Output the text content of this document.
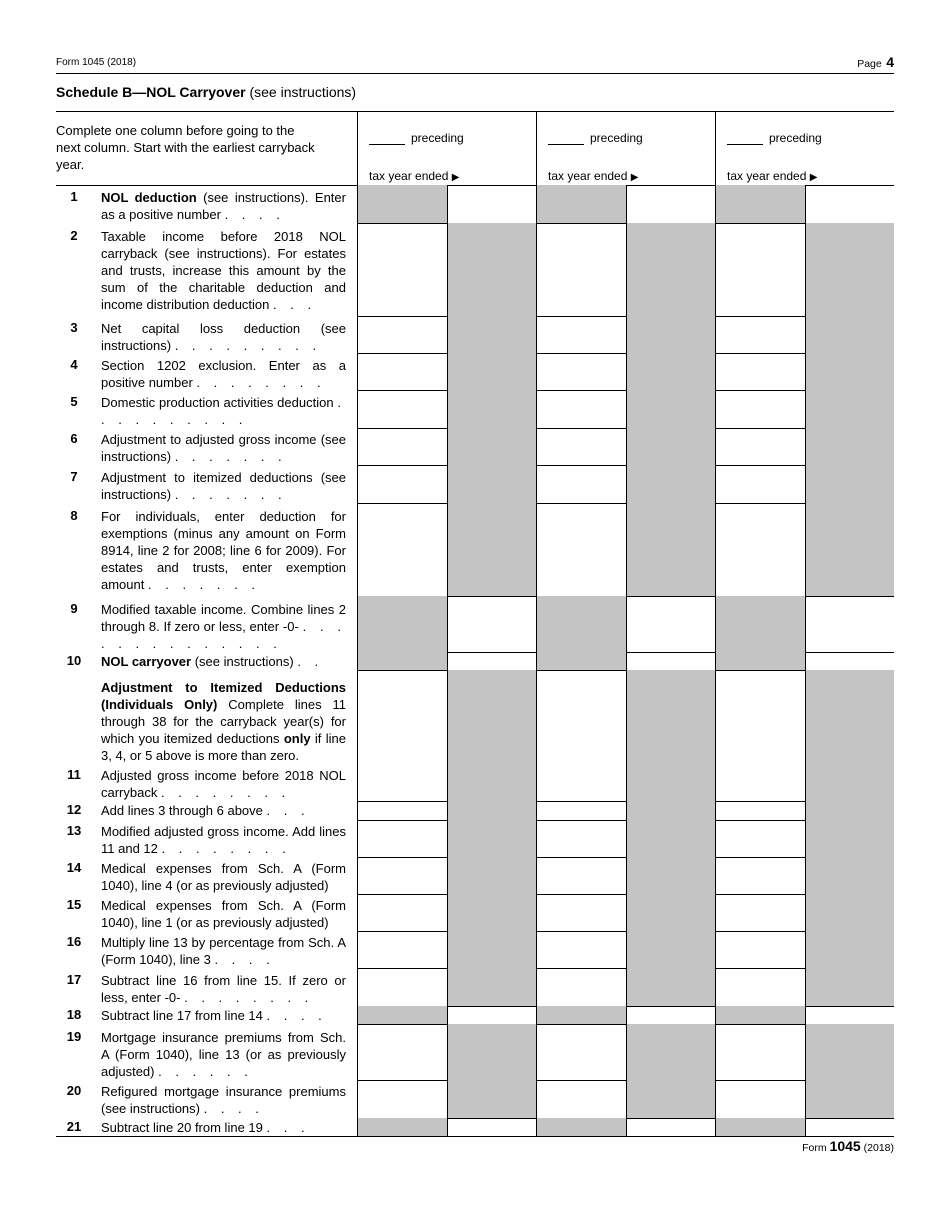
Form 1045 (2018)	Page 4
Schedule B—NOL Carryover (see instructions)
Complete one column before going to the next column. Start with the earliest carryback year.
preceding
tax year ended ▶
preceding
tax year ended ▶
preceding
tax year ended ▶
1	NOL deduction (see instructions). Enter as a positive number . . . .
2	Taxable income before 2018 NOL carryback (see instructions). For estates and trusts, increase this amount by the sum of the charitable deduction and income distribution deduction . . .
3	Net capital loss deduction (see instructions) . . . . . . . . .
4	Section 1202 exclusion. Enter as a positive number . . . . . . . .
5	Domestic production activities deduction . . . . . . . . . .
6	Adjustment to adjusted gross income (see instructions) . . . . . . .
7	Adjustment to itemized deductions (see instructions) . . . . . . .
8	For individuals, enter deduction for exemptions (minus any amount on Form 8914, line 2 for 2008; line 6 for 2009). For estates and trusts, enter exemption amount . . . . . . .
9	Modified taxable income. Combine lines 2 through 8. If zero or less, enter -0- . . . . . . . . . . . . . .
10	NOL carryover (see instructions) . .
Adjustment to Itemized Deductions (Individuals Only) Complete lines 11 through 38 for the carryback year(s) for which you itemized deductions only if line 3, 4, or 5 above is more than zero.
11	Adjusted gross income before 2018 NOL carryback . . . . . . . .
12	Add lines 3 through 6 above . . .
13	Modified adjusted gross income. Add lines 11 and 12 . . . . . . . .
14	Medical expenses from Sch. A (Form 1040), line 4 (or as previously adjusted)
15	Medical expenses from Sch. A (Form 1040), line 1 (or as previously adjusted)
16	Multiply line 13 by percentage from Sch. A (Form 1040), line 3 . . . .
17	Subtract line 16 from line 15. If zero or less, enter -0- . . . . . . . .
18	Subtract line 17 from line 14 . . . .
19	Mortgage insurance premiums from Sch. A (Form 1040), line 13 (or as previously adjusted) . . . . . .
20	Refigured mortgage insurance premiums (see instructions) . . . .
21	Subtract line 20 from line 19 . . .
Form 1045 (2018)
